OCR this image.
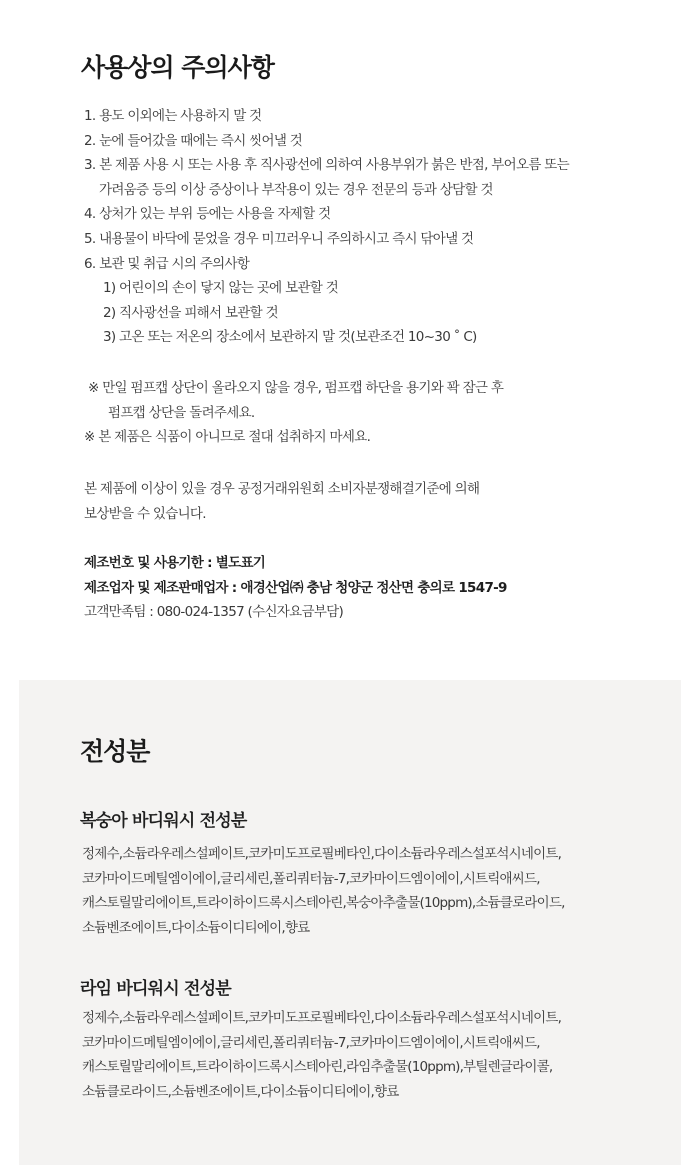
사용상의 주의사항
1. 용도 이외에는 사용하지 말 것
2. 눈에 들어갔을 때에는 즉시 씻어낼 것
3. 본 제품 사용 시 또는 사용 후 직사광선에 의하여 사용부위가 붉은 반점, 부어오름 또는
가려움증 등의 이상 증상이나 부작용이 있는 경우 전문의 등과 상담할 것
4. 상처가 있는 부위 등에는 사용을 자제할 것
5. 내용물이 바닥에 묻었을 경우 미끄러우니 주의하시고 즉시 닦아낼 것
6. 보관 및 취급 시의 주의사항
1) 어린이의 손이 닿지 않는 곳에 보관할 것
2) 직사광선을 피해서 보관할 것
3) 고온 또는 저온의 장소에서 보관하지 말 것(보관조건 10~30 ˚ C)
※ 만일 펌프캡 상단이 올라오지 않을 경우, 펌프캡 하단을 용기와 꽉 잠근 후
펌프캡 상단을 돌려주세요.
※ 본 제품은 식품이 아니므로 절대 섭취하지 마세요.
본 제품에 이상이 있을 경우 공정거래위원회 소비자분쟁해결기준에 의해
보상받을 수 있습니다.
제조번호 및 사용기한 : 별도표기
제조업자 및 제조판매업자 : 애경산업㈜ 충남 청양군 정산면 충의로 1547-9
고객만족팀 : 080-024-1357 (수신자요금부담)
전성분
복숭아 바디워시 전성분
정제수,소듐라우레스설페이트,코카미도프로필베타인,다이소듐라우레스설포석시네이트,
코카마이드메틸엠이에이,글리세린,폴리쿼터늄-7,코카마이드엠이에이,시트릭애씨드,
캐스토릴말리에이트,트라이하이드록시스테아린,복숭아추출물(10ppm),소듐클로라이드,
소듐벤조에이트,다이소듐이디티에이,향료
라임 바디워시 전성분
정제수,소듐라우레스설페이트,코카미도프로필베타인,다이소듐라우레스설포석시네이트,
코카마이드메틸엠이에이,글리세린,폴리쿼터늄-7,코카마이드엠이에이,시트릭애씨드,
캐스토릴말리에이트,트라이하이드록시스테아린,라임추출물(10ppm),부틸렌글라이콜,
소듐클로라이드,소듐벤조에이트,다이소듐이디티에이,향료
